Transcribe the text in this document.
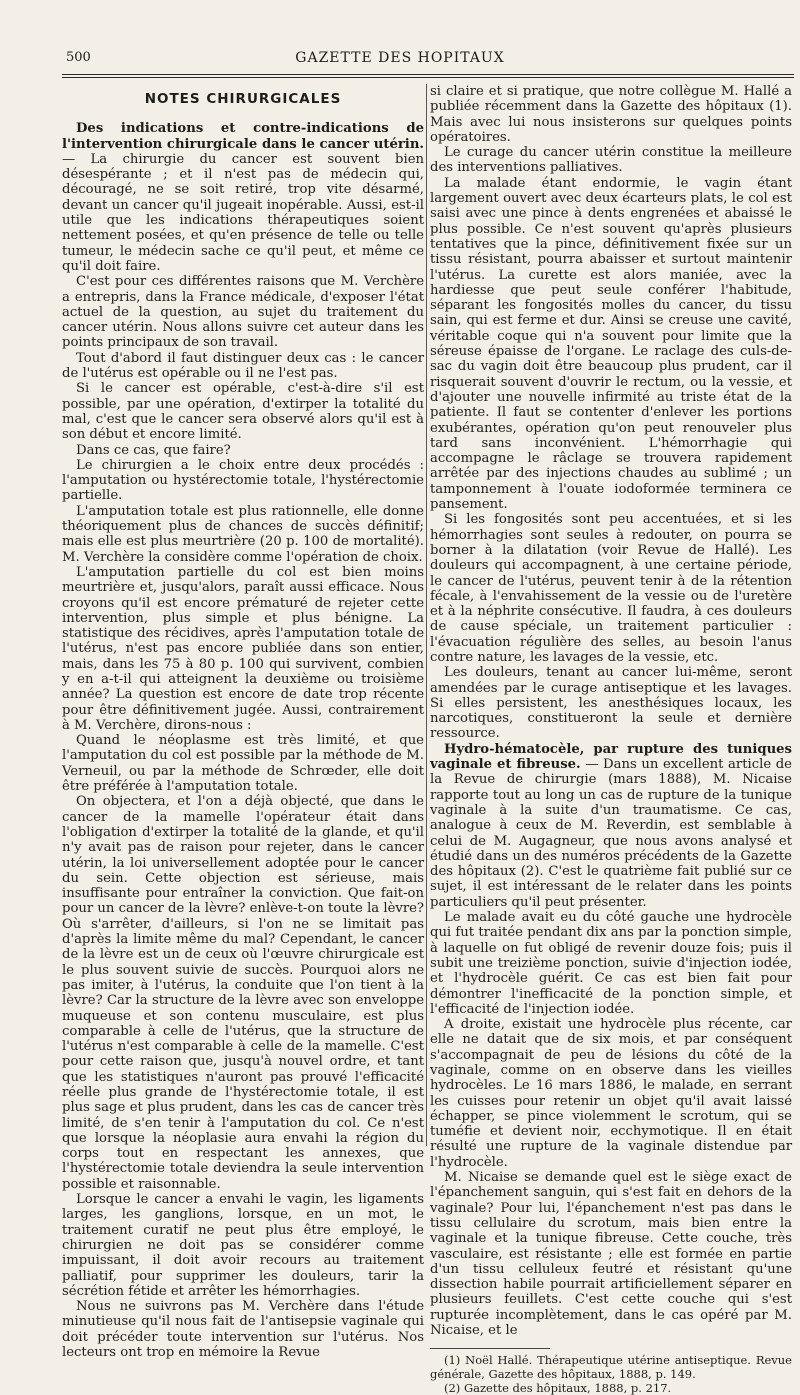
500	GAZETTE DES HOPITAUX
NOTES CHIRURGICALES

Des indications et contre-indications de l'intervention chirurgicale dans le cancer utérin. — La chirurgie du cancer est souvent bien désespérante ; et il n'est pas de médecin qui, découragé, ne se soit retiré, trop vite désarmé, devant un cancer qu'il jugeait inopérable. Aussi, est-il utile que les indications thérapeutiques soient nettement posées, et qu'en présence de telle ou telle tumeur, le médecin sache ce qu'il peut, et même ce qu'il doit faire.

C'est pour ces différentes raisons que M. Verchère a entrepris, dans la France médicale, d'exposer l'état actuel de la question, au sujet du traitement du cancer utérin. Nous allons suivre cet auteur dans les points principaux de son travail.

Tout d'abord il faut distinguer deux cas : le cancer de l'utérus est opérable ou il ne l'est pas.

Si le cancer est opérable, c'est-à-dire s'il est possible, par une opération, d'extirper la totalité du mal, c'est que le cancer sera observé alors qu'il est à son début et encore limité.

Dans ce cas, que faire?

Le chirurgien a le choix entre deux procédés : l'amputation ou hystérectomie totale, l'hystérectomie partielle.

L'amputation totale est plus rationnelle, elle donne théoriquement plus de chances de succès définitif; mais elle est plus meurtrière (20 p. 100 de mortalité). M. Verchère la considère comme l'opération de choix.

L'amputation partielle du col est bien moins meurtrière et, jusqu'alors, paraît aussi efficace. Nous croyons qu'il est encore prématuré de rejeter cette intervention, plus simple et plus bénigne. La statistique des récidives, après l'amputation totale de l'utérus, n'est pas encore publiée dans son entier, mais, dans les 75 à 80 p. 100 qui survivent, combien y en a-t-il qui atteignent la deuxième ou troisième année? La question est encore de date trop récente pour être définitivement jugée. Aussi, contrairement à M. Verchère, dirons-nous :

Quand le néoplasme est très limité, et que l'amputation du col est possible par la méthode de M. Verneuil, ou par la méthode de Schrœder, elle doit être préférée à l'amputation totale.

On objectera, et l'on a déjà objecté, que dans le cancer de la mamelle l'opérateur était dans l'obligation d'extirper la totalité de la glande, et qu'il n'y avait pas de raison pour rejeter, dans le cancer utérin, la loi universellement adoptée pour le cancer du sein. Cette objection est sérieuse, mais insuffisante pour entraîner la conviction. Que fait-on pour un cancer de la lèvre? enlève-t-on toute la lèvre? Où s'arrêter, d'ailleurs, si l'on ne se limitait pas d'après la limite même du mal? Cependant, le cancer de la lèvre est un de ceux où l'œuvre chirurgicale est le plus souvent suivie de succès. Pourquoi alors ne pas imiter, à l'utérus, la conduite que l'on tient à la lèvre? Car la structure de la lèvre avec son enveloppe muqueuse et son contenu musculaire, est plus comparable à celle de l'utérus, que la structure de l'utérus n'est comparable à celle de la mamelle. C'est pour cette raison que, jusqu'à nouvel ordre, et tant que les statistiques n'auront pas prouvé l'efficacité réelle plus grande de l'hystérectomie totale, il est plus sage et plus prudent, dans les cas de cancer très limité, de s'en tenir à l'amputation du col. Ce n'est que lorsque la néoplasie aura envahi la région du corps tout en respectant les annexes, que l'hystérectomie totale deviendra la seule intervention possible et raisonnable.

Lorsque le cancer a envahi le vagin, les ligaments larges, les ganglions, lorsque, en un mot, le traitement curatif ne peut plus être employé, le chirurgien ne doit pas se considérer comme impuissant, il doit avoir recours au traitement palliatif, pour supprimer les douleurs, tarir la sécrétion fétide et arrêter les hémorrhagies.

Nous ne suivrons pas M. Verchère dans l'étude minutieuse qu'il nous fait de l'antisepsie vaginale qui doit précéder toute intervention sur l'utérus. Nos lecteurs ont trop en mémoire la Revue

si claire et si pratique, que notre collègue M. Hallé a publiée récemment dans la Gazette des hôpitaux (1). Mais avec lui nous insisterons sur quelques points opératoires.

Le curage du cancer utérin constitue la meilleure des interventions palliatives.

La malade étant endormie, le vagin étant largement ouvert avec deux écarteurs plats, le col est saisi avec une pince à dents engrenées et abaissé le plus possible. Ce n'est souvent qu'après plusieurs tentatives que la pince, définitivement fixée sur un tissu résistant, pourra abaisser et surtout maintenir l'utérus. La curette est alors maniée, avec la hardiesse que peut seule conférer l'habitude, séparant les fongosités molles du cancer, du tissu sain, qui est ferme et dur. Ainsi se creuse une cavité, véritable coque qui n'a souvent pour limite que la séreuse épaisse de l'organe. Le raclage des culs-de-sac du vagin doit être beaucoup plus prudent, car il risquerait souvent d'ouvrir le rectum, ou la vessie, et d'ajouter une nouvelle infirmité au triste état de la patiente. Il faut se contenter d'enlever les portions exubérantes, opération qu'on peut renouveler plus tard sans inconvénient. L'hémorrhagie qui accompagne le râclage se trouvera rapidement arrêtée par des injections chaudes au sublimé ; un tamponnement à l'ouate iodoformée terminera ce pansement.

Si les fongosités sont peu accentuées, et si les hémorrhagies sont seules à redouter, on pourra se borner à la dilatation (voir Revue de Hallé). Les douleurs qui accompagnent, à une certaine période, le cancer de l'utérus, peuvent tenir à de la rétention fécale, à l'envahissement de la vessie ou de l'uretère et à la néphrite consécutive. Il faudra, à ces douleurs de cause spéciale, un traitement particulier : l'évacuation régulière des selles, au besoin l'anus contre nature, les lavages de la vessie, etc.

Les douleurs, tenant au cancer lui-même, seront amendées par le curage antiseptique et les lavages. Si elles persistent, les anesthésiques locaux, les narcotiques, constitueront la seule et dernière ressource.

Hydro-hématocèle, par rupture des tuniques vaginale et fibreuse. — Dans un excellent article de la Revue de chirurgie (mars 1888), M. Nicaise rapporte tout au long un cas de rupture de la tunique vaginale à la suite d'un traumatisme. Ce cas, analogue à ceux de M. Reverdin, est semblable à celui de M. Augagneur, que nous avons analysé et étudié dans un des numéros précédents de la Gazette des hôpitaux (2). C'est le quatrième fait publié sur ce sujet, il est intéressant de le relater dans les points particuliers qu'il peut présenter.

Le malade avait eu du côté gauche une hydrocèle qui fut traitée pendant dix ans par la ponction simple, à laquelle on fut obligé de revenir douze fois; puis il subit une treizième ponction, suivie d'injection iodée, et l'hydrocèle guérit. Ce cas est bien fait pour démontrer l'inefficacité de la ponction simple, et l'efficacité de l'injection iodée.

A droite, existait une hydrocèle plus récente, car elle ne datait que de six mois, et par conséquent s'accompagnait de peu de lésions du côté de la vaginale, comme on en observe dans les vieilles hydrocèles. Le 16 mars 1886, le malade, en serrant les cuisses pour retenir un objet qu'il avait laissé échapper, se pince violemment le scrotum, qui se tuméfie et devient noir, ecchymotique. Il en était résulté une rupture de la vaginale distendue par l'hydrocèle.

M. Nicaise se demande quel est le siège exact de l'épanchement sanguin, qui s'est fait en dehors de la vaginale? Pour lui, l'épanchement n'est pas dans le tissu cellulaire du scrotum, mais bien entre la vaginale et la tunique fibreuse. Cette couche, très vasculaire, est résistante ; elle est formée en partie d'un tissu celluleux feutré et résistant qu'une dissection habile pourrait artificiellement séparer en plusieurs feuillets. C'est cette couche qui s'est rupturée incomplètement, dans le cas opéré par M. Nicaise, et le

(1) Noël Hallé. Thérapeutique utérine antiseptique. Revue générale, Gazette des hôpitaux, 1888, p. 149.

(2) Gazette des hôpitaux, 1888, p. 217.
